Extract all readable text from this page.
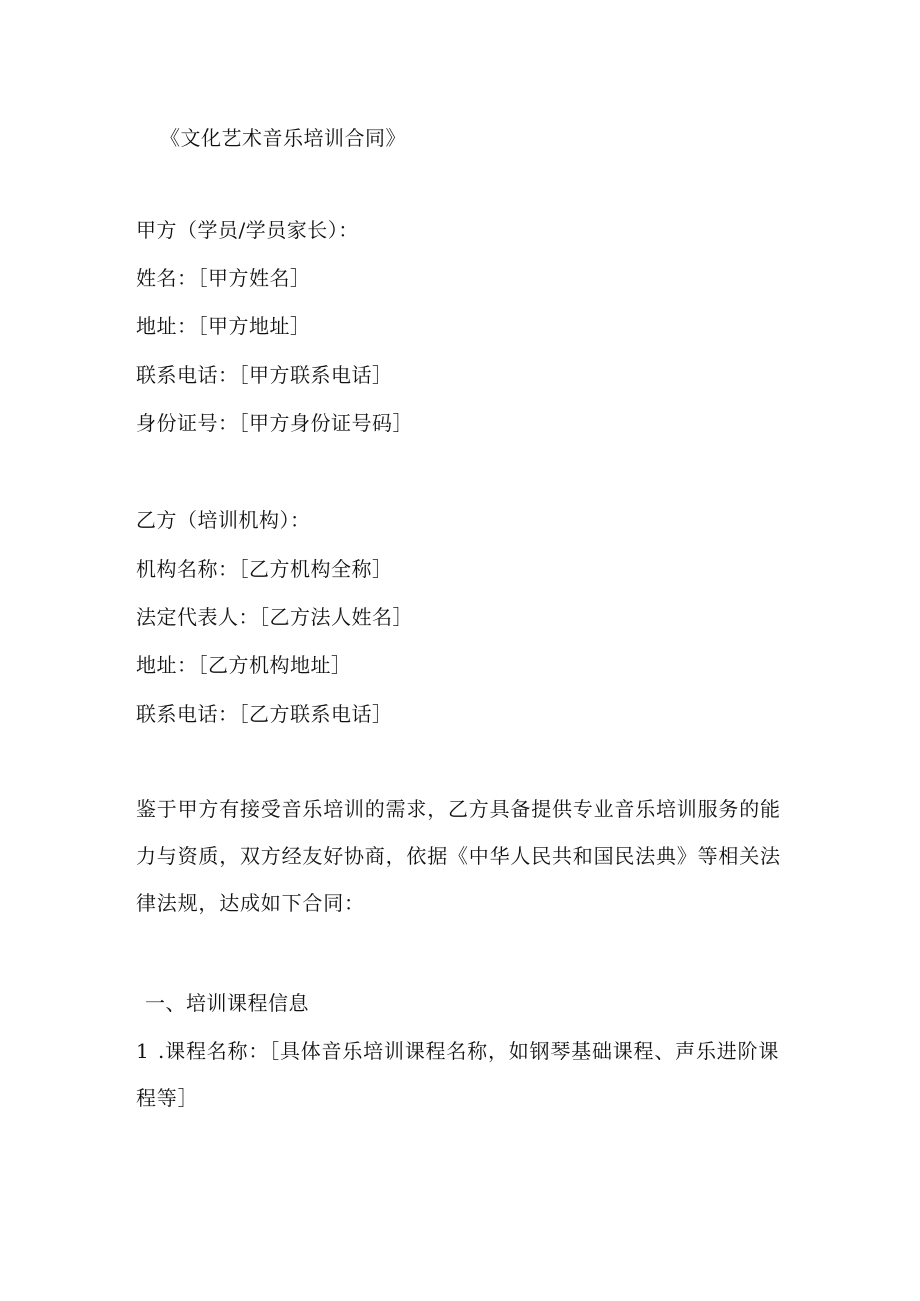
《文化艺术音乐培训合同》
甲方（学员/学员家长）：
姓名：［甲方姓名］
地址：［甲方地址］
联系电话：［甲方联系电话］
身份证号：［甲方身份证号码］
乙方（培训机构）：
机构名称：［乙方机构全称］
法定代表人：［乙方法人姓名］
地址：［乙方机构地址］
联系电话：［乙方联系电话］
鉴于甲方有接受音乐培训的需求，乙方具备提供专业音乐培训服务的能力与资质，双方经友好协商，依据《中华人民共和国民法典》等相关法律法规，达成如下合同：
一、培训课程信息
1 .课程名称：［具体音乐培训课程名称，如钢琴基础课程、声乐进阶课程等］
